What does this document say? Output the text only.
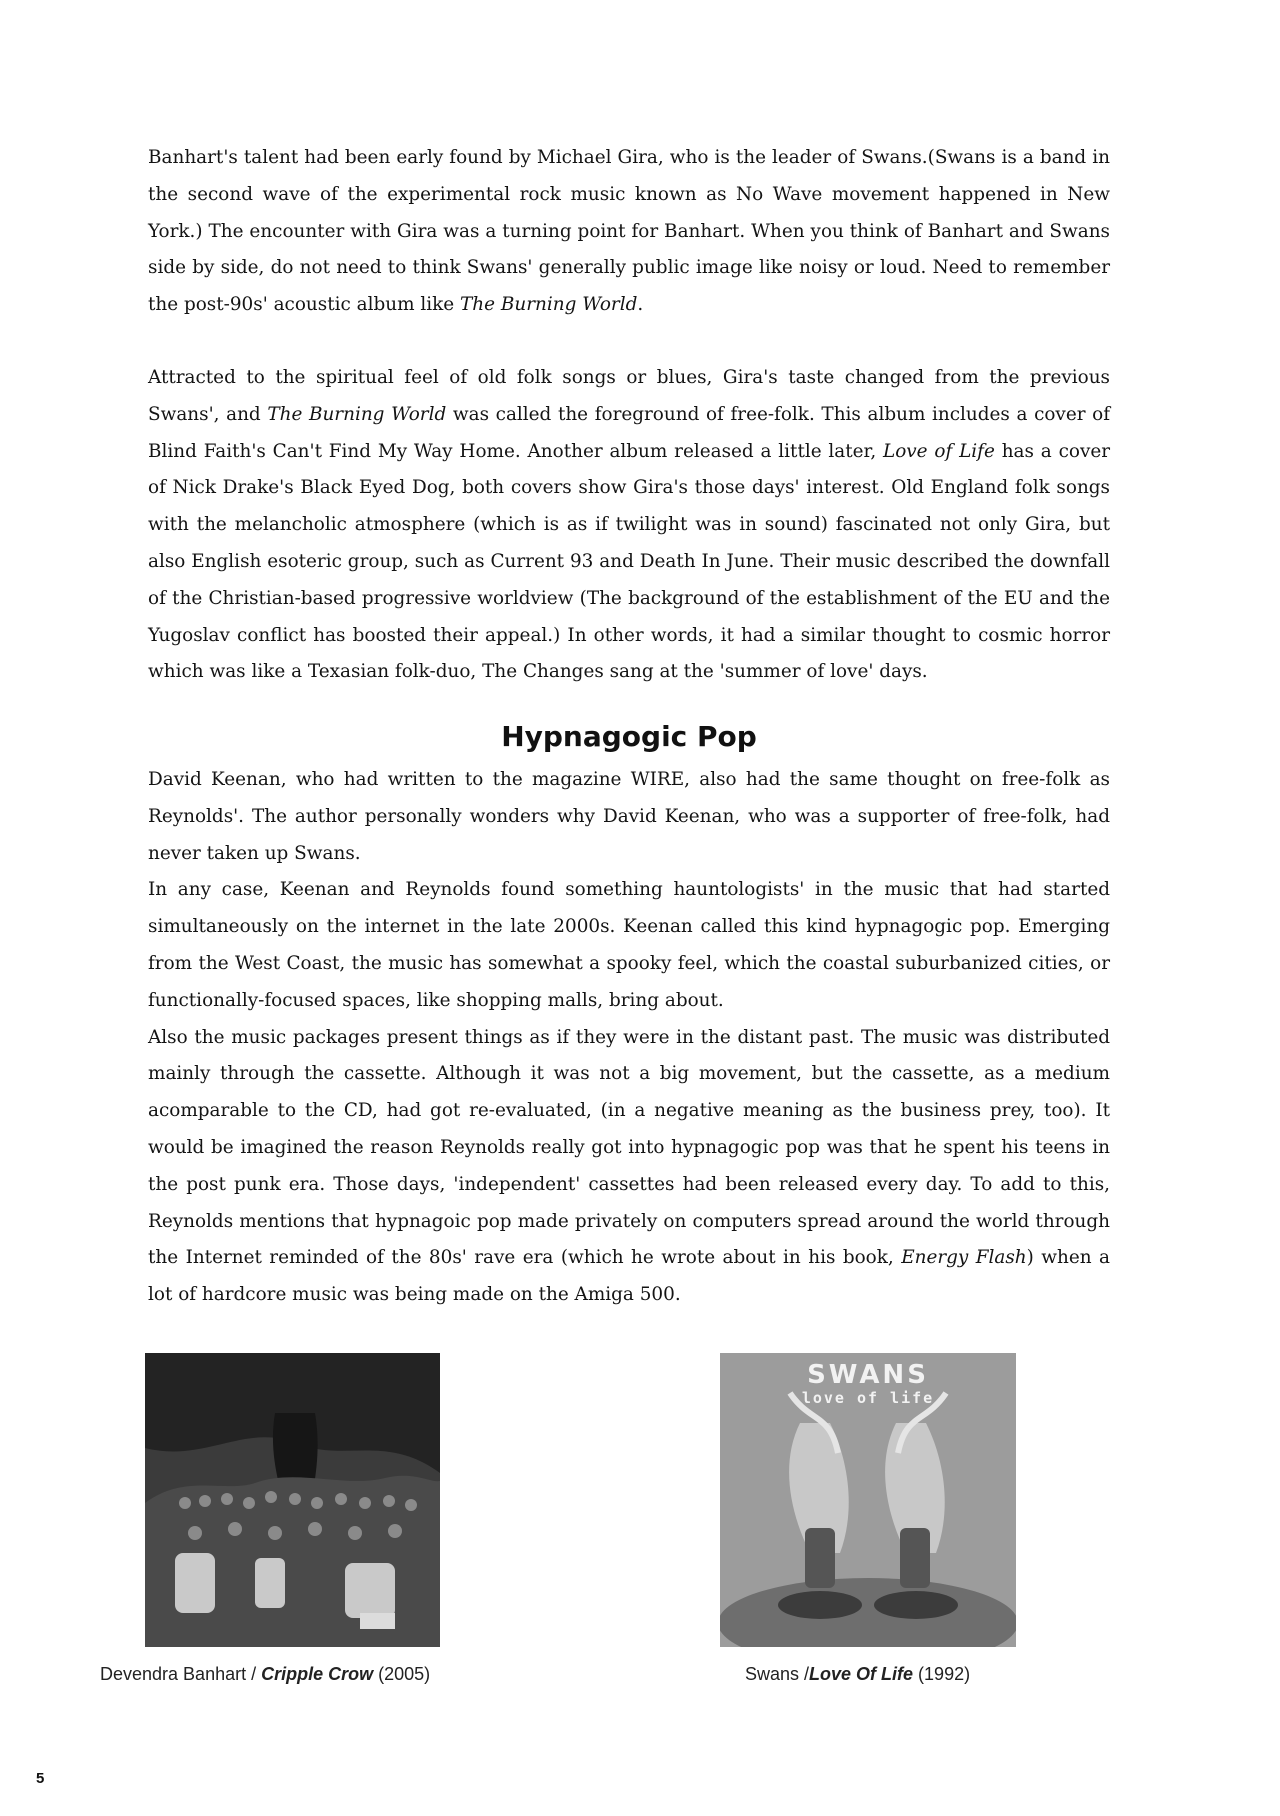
Banhart's talent had been early found by Michael Gira, who is the leader of Swans.(Swans is a band in the second wave of the experimental rock music known as No Wave movement happened in New York.) The encounter with Gira was a turning point for Banhart. When you think of Banhart and Swans side by side, do not need to think Swans' generally public image like noisy or loud. Need to remember the post-90s' acoustic album like The Burning World.

Attracted to the spiritual feel of old folk songs or blues, Gira's taste changed from the previous Swans', and The Burning World was called the foreground of free-folk. This album includes a cover of Blind Faith's Can't Find My Way Home. Another album released a little later, Love of Life has a cover of Nick Drake's Black Eyed Dog, both covers show Gira's those days' interest. Old England folk songs with the melancholic atmosphere (which is as if twilight was in sound) fascinated not only Gira, but also English esoteric group, such as Current 93 and Death In June. Their music described the downfall of the Christian-based progressive worldview (The background of the establishment of the EU and the Yugoslav conflict has boosted their appeal.) In other words, it had a similar thought to cosmic horror which was like a Texasian folk-duo, The Changes sang at the 'summer of love' days.

Hypnagogic Pop

David Keenan, who had written to the magazine WIRE, also had the same thought on free-folk as Reynolds'. The author personally wonders why David Keenan, who was a supporter of free-folk, had never taken up Swans.

In any case, Keenan and Reynolds found something hauntologists' in the music that had started simultaneously on the internet in the late 2000s. Keenan called this kind hypnagogic pop. Emerging from the West Coast, the music has somewhat a spooky feel, which the coastal suburbanized cities, or functionally-focused spaces, like shopping malls, bring about.

Also the music packages present things as if they were in the distant past. The music was distributed mainly through the cassette. Although it was not a big movement, but the cassette, as a medium acomparable to the CD, had got re-evaluated, (in a negative meaning as the business prey, too). It would be imagined the reason Reynolds really got into hypnagogic pop was that he spent his teens in the post punk era. Those days, 'independent' cassettes had been released every day. To add to this, Reynolds mentions that hypnagoic pop made privately on computers spread around the world through the Internet reminded of the 80s' rave era (which he wrote about in his book, Energy Flash) when a lot of hardcore music was being made on the Amiga 500.

SWANS
love of life
Devendra Banhart / Cripple Crow (2005)	Swans /Love Of Life (1992)
5
